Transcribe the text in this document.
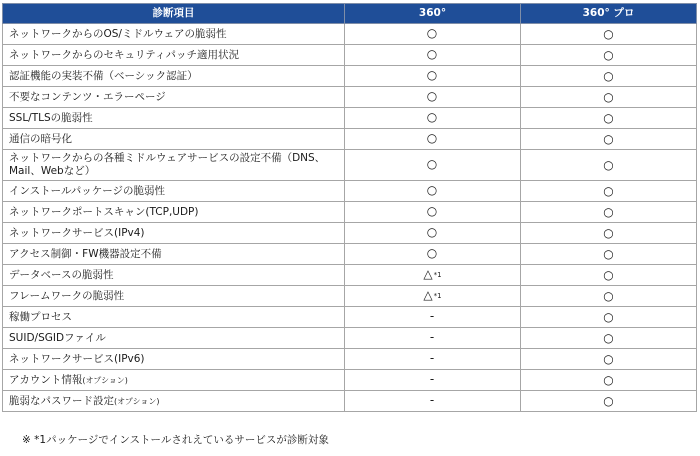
診断項目	360°	360° プロ
ネットワークからのOS/ミドルウェアの脆弱性	○	○
ネットワークからのセキュリティパッチ適用状況	○	○
認証機能の実装不備（ベーシック認証）	○	○
不要なコンテンツ・エラーページ	○	○
SSL/TLSの脆弱性	○	○
通信の暗号化	○	○
ネットワークからの各種ミドルウェアサービスの設定不備（DNS、Mail、Webなど）	○	○
インストールパッケージの脆弱性	○	○
ネットワークポートスキャン(TCP,UDP)	○	○
ネットワークサービス(IPv4)	○	○
アクセス制御・FW機器設定不備	○	○
データベースの脆弱性	△*1	○
フレームワークの脆弱性	△*1	○
稼働プロセス	-	○
SUID/SGIDファイル	-	○
ネットワークサービス(IPv6)	-	○
アカウント情報(オプション)	-	○
脆弱なパスワード設定(オプション)	-	○
※ *1パッケージでインストールされえているサービスが診断対象
